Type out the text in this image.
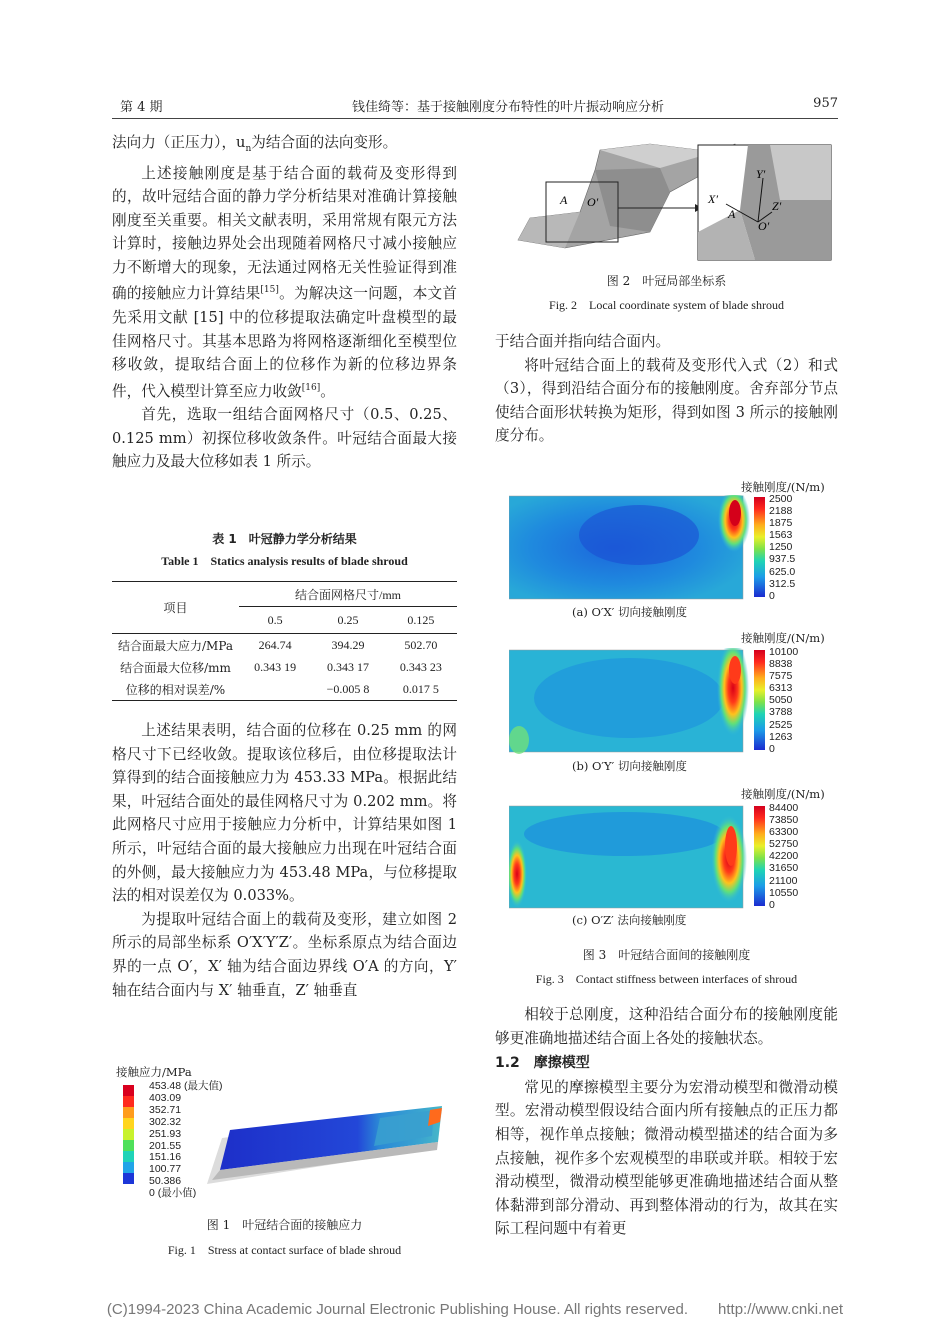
第 4 期	钱佳绮等：基于接触刚度分布特性的叶片振动响应分析	957

法向力（正压力），$u_n$为结合面的法向变形。

上述接触刚度是基于结合面的载荷及变形得到的，故叶冠结合面的静力学分析结果对准确计算接触刚度至关重要。相关文献表明，采用常规有限元方法计算时，接触边界处会出现随着网格尺寸减小接触应力不断增大的现象，无法通过网格无关性验证得到准确的接触应力计算结果[15]。为解决这一问题，本文首先采用文献 [15] 中的位移提取法确定叶盘模型的最佳网格尺寸。其基本思路为将网格逐渐细化至模型位移收敛，提取结合面上的位移作为新的位移边界条件，代入模型计算至应力收敛[16]。

首先，选取一组结合面网格尺寸（0.5、0.25、0.125 mm）初探位移收敛条件。叶冠结合面最大接触应力及最大位移如表 1 所示。

表 1　叶冠静力学分析结果
Table 1　Statics analysis results of blade shroud
项目	结合面网格尺寸/mm		
	0.5	0.25	0.125
结合面最大应力/MPa	264.74	394.29	502.70
结合面最大位移/mm	0.343 19	0.343 17	0.343 23
位移的相对误差/%		−0.005 8	0.017 5

上述结果表明，结合面的位移在 0.25 mm 的网格尺寸下已经收敛。提取该位移后，由位移提取法计算得到的结合面接触应力为 453.33 MPa。根据此结果，叶冠结合面处的最佳网格尺寸为 0.202 mm。将此网格尺寸应用于接触应力分析中，计算结果如图 1 所示，叶冠结合面的最大接触应力出现在叶冠结合面的外侧，最大接触应力为 453.48 MPa，与位移提取法的相对误差仅为 0.033%。

为提取叶冠结合面上的载荷及变形，建立如图 2 所示的局部坐标系 O′X′Y′Z′。坐标系原点为结合面边界的一点 O′，X′ 轴为结合面边界线 O′A 的方向，Y′ 轴在结合面内与 X′ 轴垂直，Z′ 轴垂直

接触应力/MPa
453.48 (最大值)
403.09
352.71
302.32
251.93
201.55
151.16
100.77
50.386
0 (最小值)
图 1　叶冠结合面的接触应力
Fig. 1　Stress at contact surface of blade shroud
A O′	X′
Y′
Z′
A
O′
图 2　叶冠局部坐标系
Fig. 2　Local coordinate system of blade shroud

于结合面并指向结合面内。

将叶冠结合面上的载荷及变形代入式（2）和式（3），得到沿结合面分布的接触刚度。舍弃部分节点使结合面形状转换为矩形，得到如图 3 所示的接触刚度分布。

接触刚度/(N/m)
2500
2188
1875
1563
1250
937.5
625.0
312.5
0
(a) O′X′ 切向接触刚度
接触刚度/(N/m)
10100
8838
7575
6313
5050
3788
2525
1263
0
(b) O′Y′ 切向接触刚度
接触刚度/(N/m)
84400
73850
63300
52750
42200
31650
21100
10550
0
(c) O′Z′ 法向接触刚度
图 3　叶冠结合面间的接触刚度
Fig. 3　Contact stiffness between interfaces of shroud

相较于总刚度，这种沿结合面分布的接触刚度能够更准确地描述结合面上各处的接触状态。

1.2　摩擦模型

常见的摩擦模型主要分为宏滑动模型和微滑动模型。宏滑动模型假设结合面内所有接触点的正压力都相等，视作单点接触；微滑动模型描述的结合面为多点接触，视作多个宏观模型的串联或并联。相较于宏滑动模型，微滑动模型能够更准确地描述结合面从整体黏滞到部分滑动、再到整体滑动的行为，故其在实际工程问题中有着更

(C)1994-2023 China Academic Journal Electronic Publishing House. All rights reserved.　　http://www.cnki.net
